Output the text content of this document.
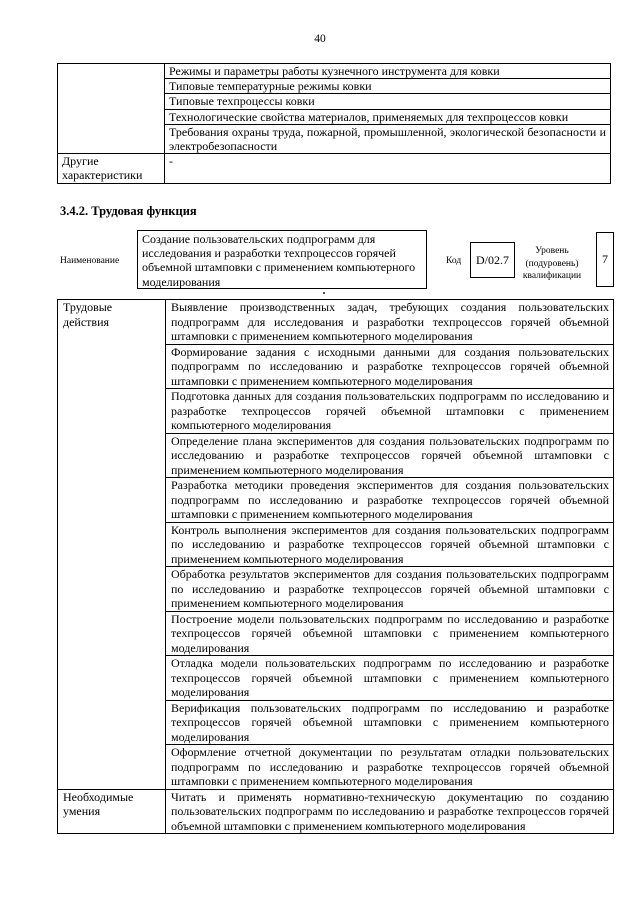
40
	Режимы и параметры работы кузнечного инструмента для ковки
	Типовые температурные режимы ковки
	Типовые техпроцессы ковки
	Технологические свойства материалов, применяемых для техпроцессов ковки
	Требования охраны труда, пожарной, промышленной, экологической безопасности и электробезопасности
Другие характеристики	-
3.4.2. Трудовая функция
Наименование
Создание пользовательских подпрограмм для исследования и разработки техпроцессов горячей объемной штамповки с применением компьютерного моделирования
Код	D/02.7
Уровень (подуровень) квалификации
7
Трудовые действия	Выявление производственных задач, требующих создания пользовательских подпрограмм для исследования и разработки техпроцессов горячей объемной штамповки с применением компьютерного моделирования
	Формирование задания с исходными данными для создания пользовательских подпрограмм по исследованию и разработке техпроцессов горячей объемной штамповки с применением компьютерного моделирования
	Подготовка данных для создания пользовательских подпрограмм по исследованию и разработке техпроцессов горячей объемной штамповки с применением компьютерного моделирования
	Определение плана экспериментов для создания пользовательских подпрограмм по исследованию и разработке техпроцессов горячей объемной штамповки с применением компьютерного моделирования
	Разработка методики проведения экспериментов для создания пользовательских подпрограмм по исследованию и разработке техпроцессов горячей объемной штамповки с применением компьютерного моделирования
	Контроль выполнения экспериментов для создания пользовательских подпрограмм по исследованию и разработке техпроцессов горячей объемной штамповки с применением компьютерного моделирования
	Обработка результатов экспериментов для создания пользовательских подпрограмм по исследованию и разработке техпроцессов горячей объемной штамповки с применением компьютерного моделирования
	Построение модели пользовательских подпрограмм по исследованию и разработке техпроцессов горячей объемной штамповки с применением компьютерного моделирования
	Отладка модели пользовательских подпрограмм по исследованию и разработке техпроцессов горячей объемной штамповки с применением компьютерного моделирования
	Верификация пользовательских подпрограмм по исследованию и разработке техпроцессов горячей объемной штамповки с применением компьютерного моделирования
	Оформление отчетной документации по результатам отладки пользовательских подпрограмм по исследованию и разработке техпроцессов горячей объемной штамповки с применением компьютерного моделирования
Необходимые умения	Читать и применять нормативно-техническую документацию по созданию пользовательских подпрограмм по исследованию и разработке техпроцессов горячей объемной штамповки с применением компьютерного моделирования
